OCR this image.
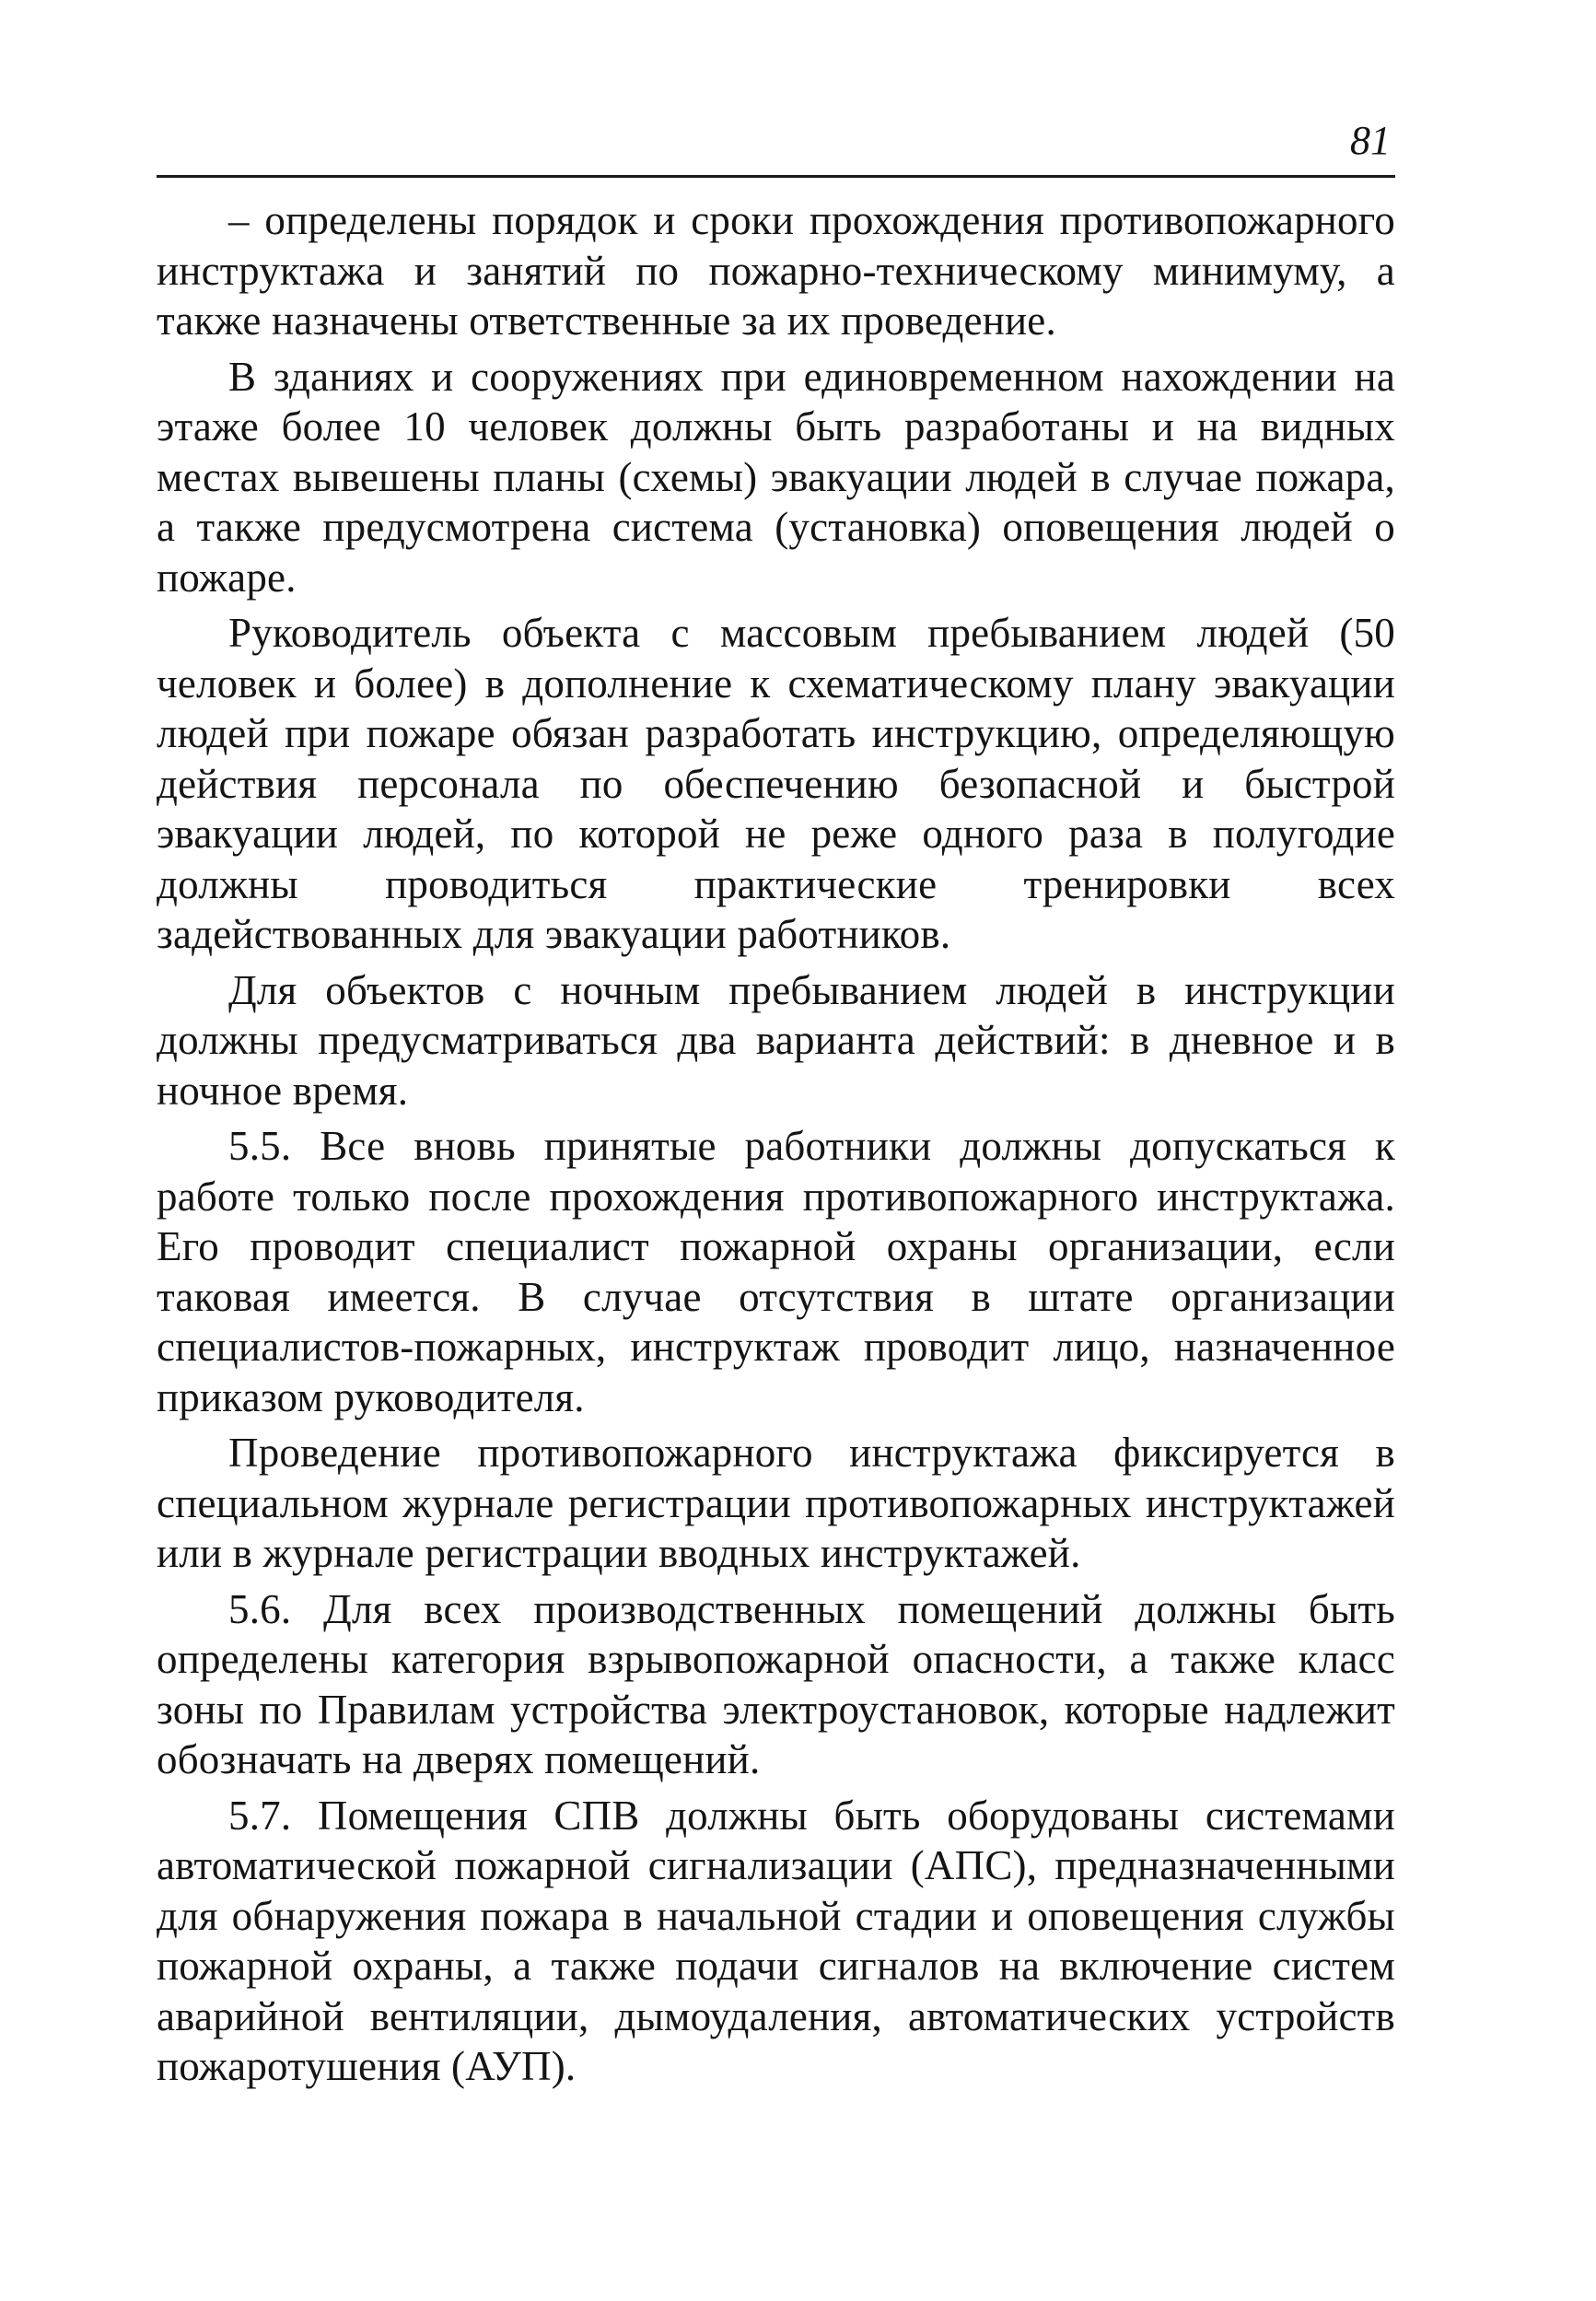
81

– определены порядок и сроки прохождения противопожарного инструктажа и занятий по пожарно-техническому минимуму, а также назначены ответственные за их проведение.

В зданиях и сооружениях при единовременном нахождении на этаже более 10 человек должны быть разработаны и на видных местах вывешены планы (схемы) эвакуации людей в случае пожара, а также предусмотрена система (установка) оповещения людей о пожаре.

Руководитель объекта с массовым пребыванием людей (50 человек и более) в дополнение к схематическому плану эвакуации людей при пожаре обязан разработать инструкцию, определяющую действия персонала по обеспечению безопасной и быстрой эвакуации людей, по которой не реже одного раза в полугодие должны проводиться практические тренировки всех задействованных для эвакуации работников.

Для объектов с ночным пребыванием людей в инструкции должны предусматриваться два варианта действий: в дневное и в ночное время.

5.5. Все вновь принятые работники должны допускаться к работе только после прохождения противопожарного инструктажа. Его проводит специалист пожарной охраны организации, если таковая имеется. В случае отсутствия в штате организации специалистов-пожарных, инструктаж проводит лицо, назначенное приказом руководителя.

Проведение противопожарного инструктажа фиксируется в специальном журнале регистрации противопожарных инструктажей или в журнале регистрации вводных инструктажей.

5.6. Для всех производственных помещений должны быть определены категория взрывопожарной опасности, а также класс зоны по Правилам устройства электроустановок, которые надлежит обозначать на дверях помещений.

5.7. Помещения СПВ должны быть оборудованы системами автоматической пожарной сигнализации (АПС), предназначенными для обнаружения пожара в начальной стадии и оповещения службы пожарной охраны, а также подачи сигналов на включение систем аварийной вентиляции, дымоудаления, автоматических устройств пожаротушения (АУП).
